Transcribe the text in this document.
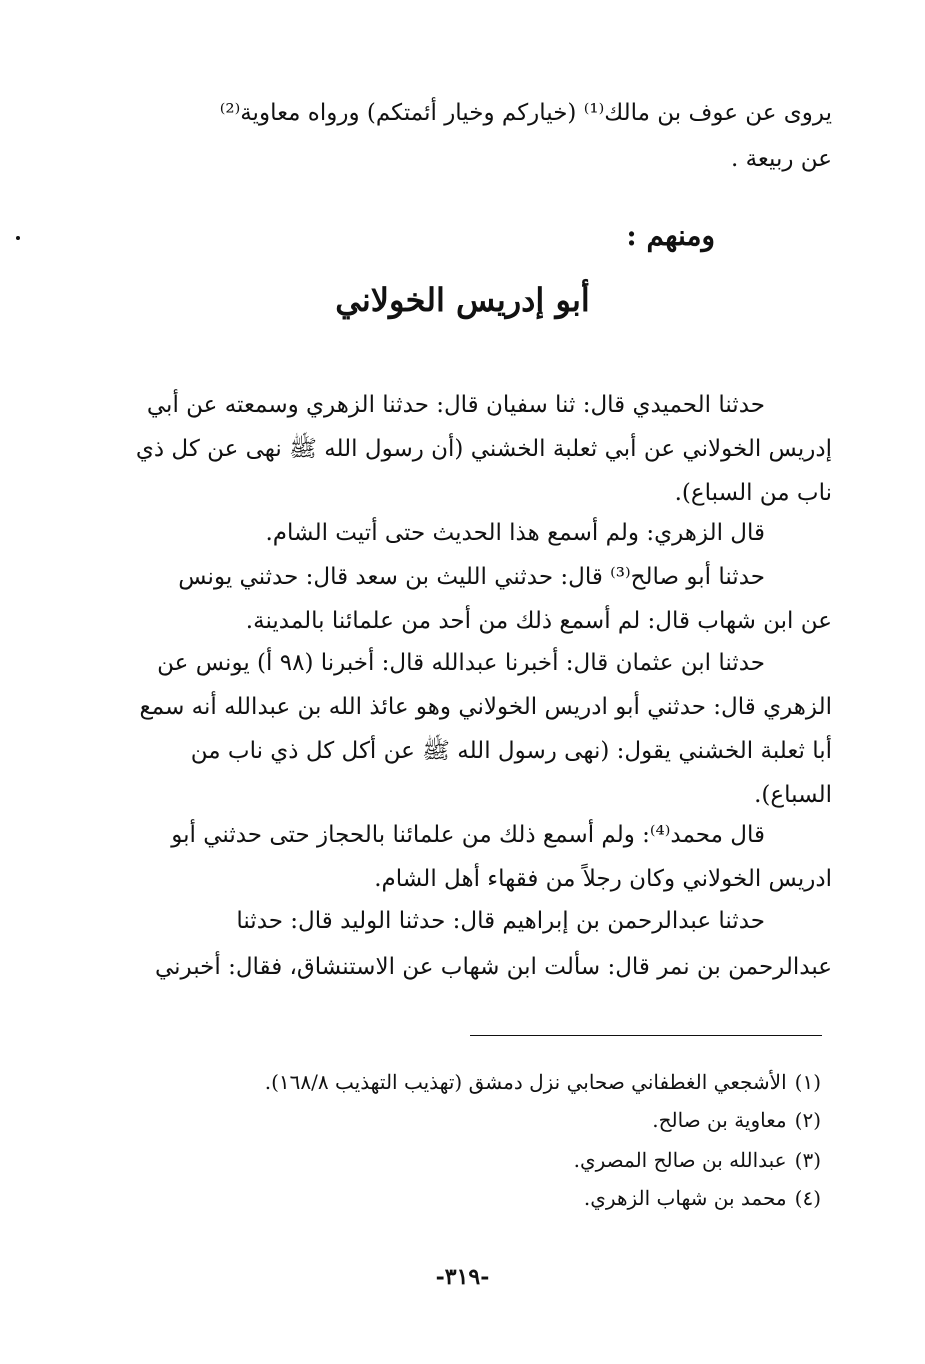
يروى عن عوف بن مالك⁽¹⁾ (خياركم وخيار أئمتكم) ورواه معاوية⁽²⁾
عن ربيعة .
ومنهم :
أبو إدريس الخولاني
حدثنا الحميدي قال: ثنا سفيان قال: حدثنا الزهري وسمعته عن أبي
إدريس الخولاني عن أبي ثعلبة الخشني (أن رسول الله ﷺ نهى عن كل ذي
ناب من السباع).
قال الزهري: ولم أسمع هذا الحديث حتى أتيت الشام.
حدثنا أبو صالح⁽³⁾ قال: حدثني الليث بن سعد قال: حدثني يونس
عن ابن شهاب قال: لم أسمع ذلك من أحد من علمائنا بالمدينة.
حدثنا ابن عثمان قال: أخبرنا عبدالله قال: أخبرنا (٩٨ أ) يونس عن
الزهري قال: حدثني أبو ادريس الخولاني وهو عائذ الله بن عبدالله أنه سمع
أبا ثعلبة الخشني يقول: (نهى رسول الله ﷺ عن أكل كل ذي ناب من
السباع).
قال محمد⁽⁴⁾: ولم أسمع ذلك من علمائنا بالحجاز حتى حدثني أبو
ادريس الخولاني وكان رجلاً من فقهاء أهل الشام.
حدثنا عبدالرحمن بن إبراهيم قال: حدثنا الوليد قال: حدثنا
عبدالرحمن بن نمر قال: سألت ابن شهاب عن الاستنشاق، فقال: أخبرني
(١)الأشجعي الغطفاني صحابي نزل دمشق (تهذيب التهذيب ١٦٨/٨).
(٢)معاوية بن صالح.
(٣)عبدالله بن صالح المصري.
(٤)محمد بن شهاب الزهري.
-٣١٩-
